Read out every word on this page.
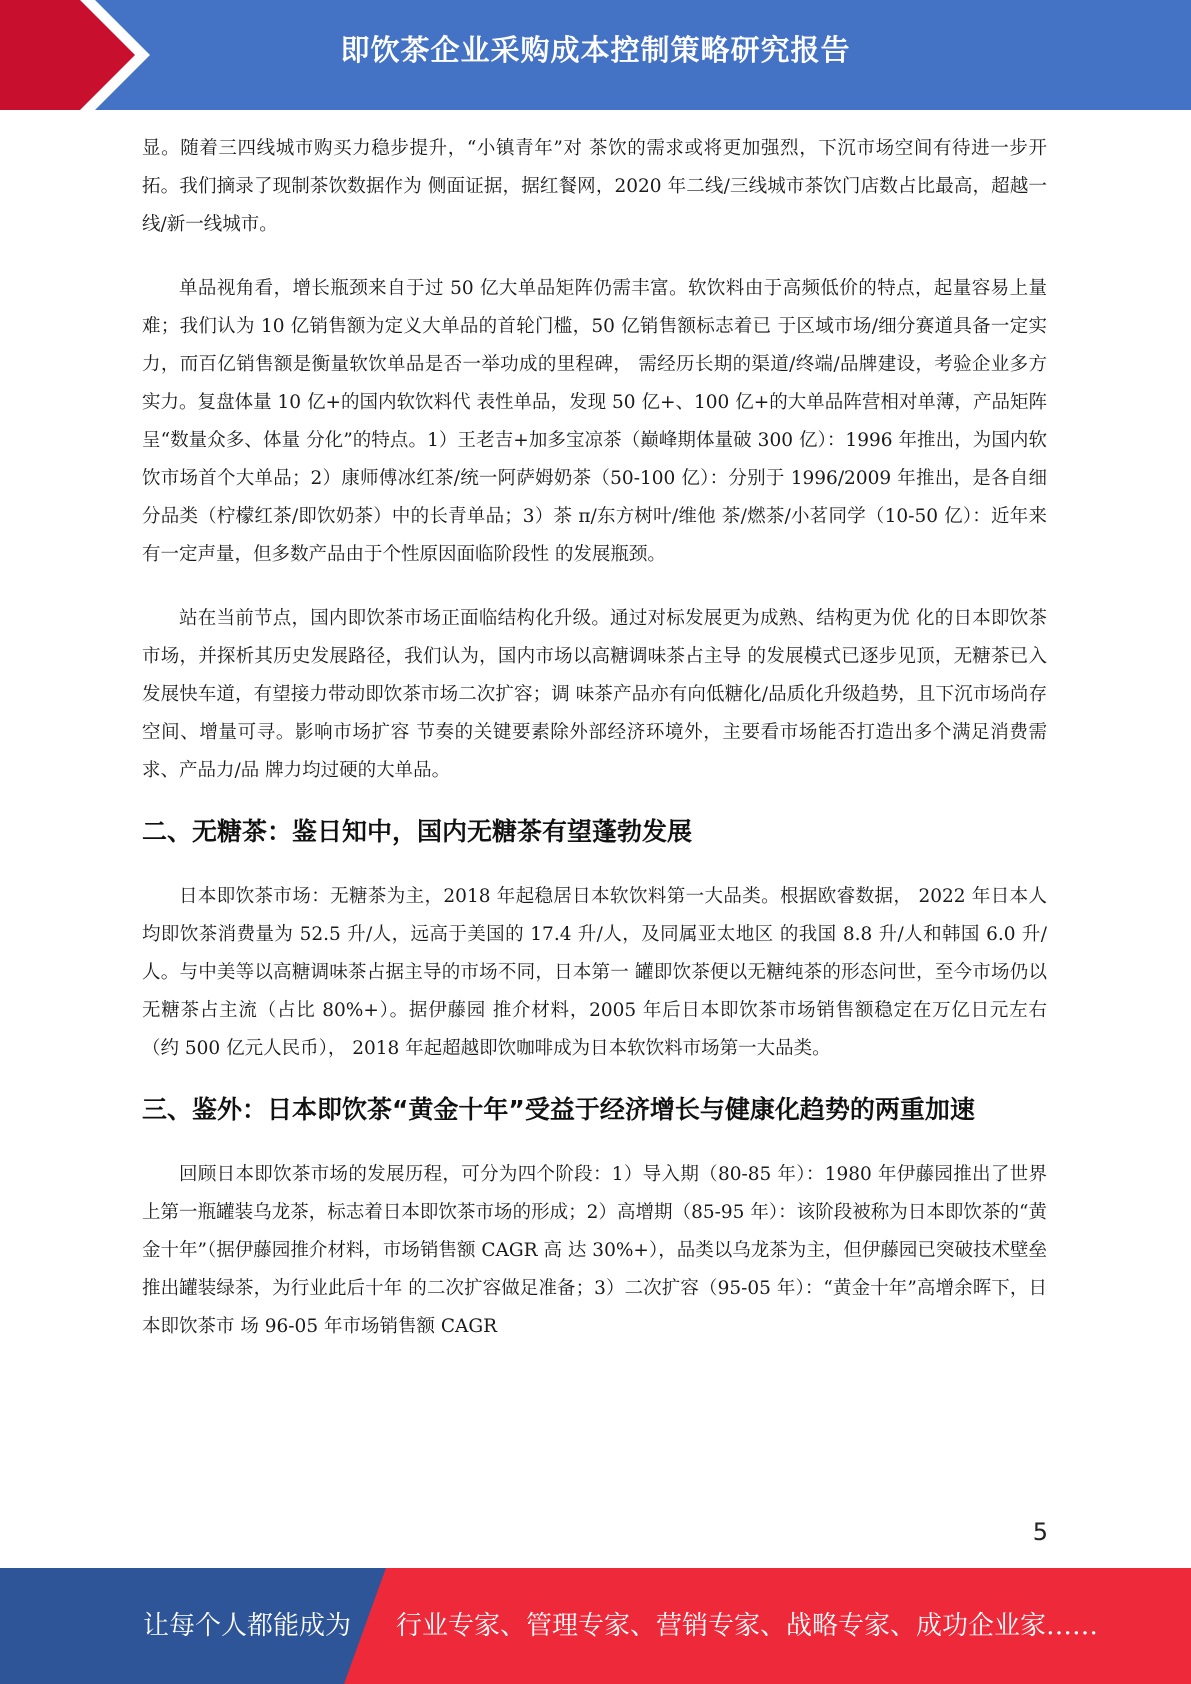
即饮茶企业采购成本控制策略研究报告

显。随着三四线城市购买力稳步提升，“小镇青年”对 茶饮的需求或将更加强烈，下沉市场空间有待进一步开拓。我们摘录了现制茶饮数据作为 侧面证据，据红餐网，2020 年二线/三线城市茶饮门店数占比最高，超越一线/新一线城市。

单品视角看，增长瓶颈来自于过 50 亿大单品矩阵仍需丰富。软饮料由于高频低价的特点，起量容易上量难；我们认为 10 亿销售额为定义大单品的首轮门槛，50 亿销售额标志着已 于区域市场/细分赛道具备一定实力，而百亿销售额是衡量软饮单品是否一举功成的里程碑， 需经历长期的渠道/终端/品牌建设，考验企业多方实力。复盘体量 10 亿+的国内软饮料代 表性单品，发现 50 亿+、100 亿+的大单品阵营相对单薄，产品矩阵呈“数量众多、体量 分化”的特点。1）王老吉+加多宝凉茶（巅峰期体量破 300 亿）：1996 年推出，为国内软 饮市场首个大单品；2）康师傅冰红茶/统一阿萨姆奶茶（50-100 亿）：分别于 1996/2009 年推出，是各自细分品类（柠檬红茶/即饮奶茶）中的长青单品；3）茶 π/东方树叶/维他 茶/燃茶/小茗同学（10-50 亿）：近年来有一定声量，但多数产品由于个性原因面临阶段性 的发展瓶颈。

站在当前节点，国内即饮茶市场正面临结构化升级。通过对标发展更为成熟、结构更为优 化的日本即饮茶市场，并探析其历史发展路径，我们认为，国内市场以高糖调味茶占主导 的发展模式已逐步见顶，无糖茶已入发展快车道，有望接力带动即饮茶市场二次扩容；调 味茶产品亦有向低糖化/品质化升级趋势，且下沉市场尚存空间、增量可寻。影响市场扩容 节奏的关键要素除外部经济环境外，主要看市场能否打造出多个满足消费需求、产品力/品 牌力均过硬的大单品。

二、无糖茶：鉴日知中，国内无糖茶有望蓬勃发展

日本即饮茶市场：无糖茶为主，2018 年起稳居日本软饮料第一大品类。根据欧睿数据， 2022 年日本人均即饮茶消费量为 52.5 升/人，远高于美国的 17.4 升/人，及同属亚太地区 的我国 8.8 升/人和韩国 6.0 升/人。与中美等以高糖调味茶占据主导的市场不同，日本第一 罐即饮茶便以无糖纯茶的形态问世，至今市场仍以无糖茶占主流（占比 80%+）。据伊藤园 推介材料，2005 年后日本即饮茶市场销售额稳定在万亿日元左右（约 500 亿元人民币）， 2018 年起超越即饮咖啡成为日本软饮料市场第一大品类。

三、鉴外：日本即饮茶“黄金十年”受益于经济增长与健康化趋势的两重加速

回顾日本即饮茶市场的发展历程，可分为四个阶段：1）导入期（80-85 年）：1980 年伊藤园推出了世界上第一瓶罐装乌龙茶，标志着日本即饮茶市场的形成；2）高增期（85-95 年）：该阶段被称为日本即饮茶的“黄金十年”（据伊藤园推介材料，市场销售额 CAGR 高 达 30%+），品类以乌龙茶为主，但伊藤园已突破技术壁垒推出罐装绿茶，为行业此后十年 的二次扩容做足准备；3）二次扩容（95-05 年）：“黄金十年”高增余晖下，日本即饮茶市 场 96-05 年市场销售额 CAGR

5
让每个人都能成为 行业专家、管理专家、营销专家、战略专家、成功企业家……
